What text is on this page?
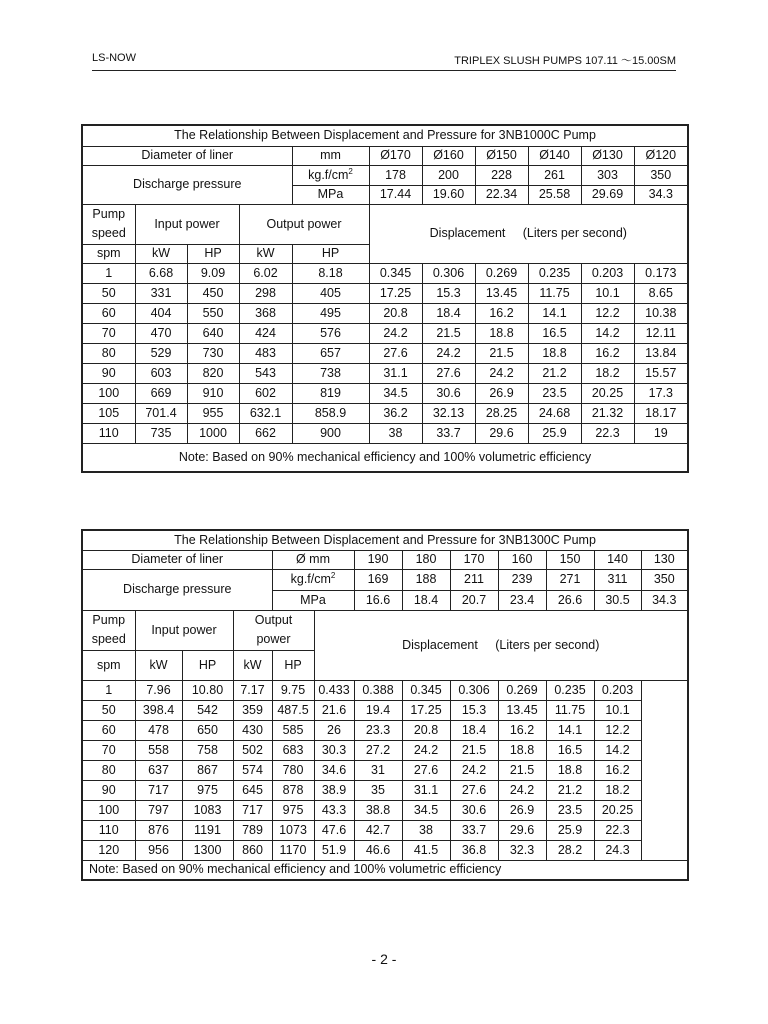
LS-NOW	TRIPLEX SLUSH PUMPS 107.11 ～15.00SM
The Relationship Between Displacement and Pressure for 3NB1000C Pump										
Diameter of liner				mm	Ø170	Ø160	Ø150	Ø140	Ø130	Ø120
Discharge pressure				$kg.f/cm^2$	178	200	228	261	303	350
				MPa	17.44	19.60	22.34	25.58	29.69	34.3
Pump
speed	Input power		Output power		Displacement     (Liters per second)					
spm	kW	HP	kW	HP						
1	6.68	9.09	6.02	8.18	0.345	0.306	0.269	0.235	0.203	0.173
50	331	450	298	405	17.25	15.3	13.45	11.75	10.1	8.65
60	404	550	368	495	20.8	18.4	16.2	14.1	12.2	10.38
70	470	640	424	576	24.2	21.5	18.8	16.5	14.2	12.11
80	529	730	483	657	27.6	24.2	21.5	18.8	16.2	13.84
90	603	820	543	738	31.1	27.6	24.2	21.2	18.2	15.57
100	669	910	602	819	34.5	30.6	26.9	23.5	20.25	17.3
105	701.4	955	632.1	858.9	36.2	32.13	28.25	24.68	21.32	18.17
110	735	1000	662	900	38	33.7	29.6	25.9	22.3	19
Note: Based on 90% mechanical efficiency and 100% volumetric efficiency										
The Relationship Between Displacement and Pressure for 3NB1300C Pump												
Diameter of liner				Ø mm		190	180	170	160	150	140	130
Discharge pressure				$kg.f/cm^2$		169	188	211	239	271	311	350
				MPa		16.6	18.4	20.7	23.4	26.6	30.5	34.3
Pump
speed	Input power		Output
power		Displacement     (Liters per second)							
spm	kW	HP	kW	HP								
1	7.96	10.80	7.17	9.75	0.433	0.388	0.345	0.306	0.269	0.235	0.203	
50	398.4	542	359	487.5	21.6	19.4	17.25	15.3	13.45	11.75	10.1	
60	478	650	430	585	26	23.3	20.8	18.4	16.2	14.1	12.2	
70	558	758	502	683	30.3	27.2	24.2	21.5	18.8	16.5	14.2	
80	637	867	574	780	34.6	31	27.6	24.2	21.5	18.8	16.2	
90	717	975	645	878	38.9	35	31.1	27.6	24.2	21.2	18.2	
100	797	1083	717	975	43.3	38.8	34.5	30.6	26.9	23.5	20.25	
110	876	1191	789	1073	47.6	42.7	38	33.7	29.6	25.9	22.3	
120	956	1300	860	1170	51.9	46.6	41.5	36.8	32.3	28.2	24.3	
Note: Based on 90% mechanical efficiency and 100% volumetric efficiency												
- 2 -
